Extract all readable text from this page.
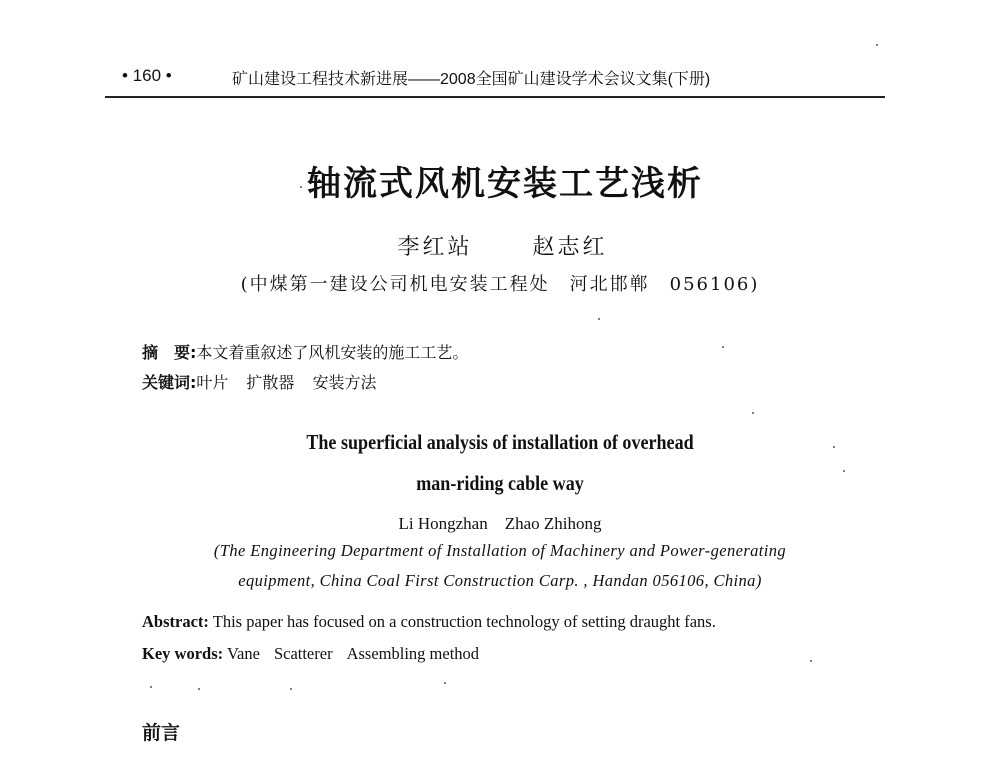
• 160 •	矿山建设工程技术新进展——2008全国矿山建设学术会议文集(下册)
轴流式风机安装工艺浅析
李红站	赵志红
(中煤第一建设公司机电安装工程处　河北邯郸　056106)
摘　要:本文着重叙述了风机安装的施工工艺。
关键词:叶片 扩散器 安装方法
The superficial analysis of installation of overhead
man-riding cable way
Li Hongzhan　Zhao Zhihong
(The Engineering Department of Installation of Machinery and Power-generating
equipment, China Coal First Construction Carp. , Handan 056106, China)
Abstract: This paper has focused on a construction technology of setting draught fans.
Key words: Vane Scatterer Assembling method
前言
